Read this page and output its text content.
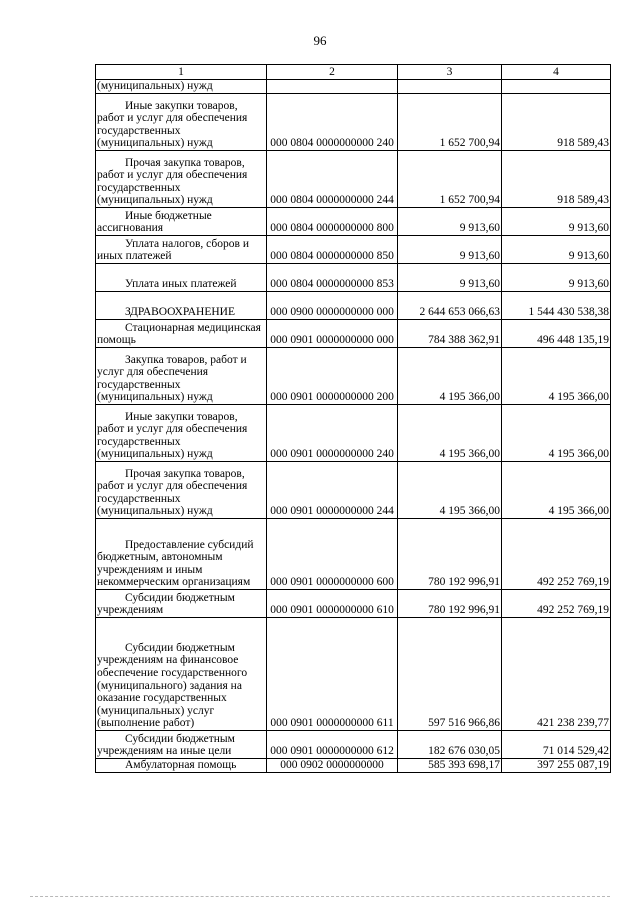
96
1	2	3	4
(муниципальных) нужд			

Иные закупки товаров, работ и услуг для обеспечения государственных (муниципальных) нужд	000 0804 0000000000 240	1 652 700,94	918 589,43

Прочая закупка товаров, работ и услуг для обеспечения государственных (муниципальных) нужд	000 0804 0000000000 244	1 652 700,94	918 589,43

Иные бюджетные ассигнования	000 0804 0000000000 800	9 913,60	9 913,60

Уплата налогов, сборов и иных платежей	000 0804 0000000000 850	9 913,60	9 913,60

Уплата иных платежей	000 0804 0000000000 853	9 913,60	9 913,60

ЗДРАВООХРАНЕНИЕ	000 0900 0000000000 000	2 644 653 066,63	1 544 430 538,38

Стационарная медицинская помощь	000 0901 0000000000 000	784 388 362,91	496 448 135,19

Закупка товаров, работ и услуг для обеспечения государственных (муниципальных) нужд	000 0901 0000000000 200	4 195 366,00	4 195 366,00

Иные закупки товаров, работ и услуг для обеспечения государственных (муниципальных) нужд	000 0901 0000000000 240	4 195 366,00	4 195 366,00

Прочая закупка товаров, работ и услуг для обеспечения государственных (муниципальных) нужд	000 0901 0000000000 244	4 195 366,00	4 195 366,00

Предоставление субсидий бюджетным, автономным учреждениям и иным некоммерческим организациям	000 0901 0000000000 600	780 192 996,91	492 252 769,19

Субсидии бюджетным учреждениям	000 0901 0000000000 610	780 192 996,91	492 252 769,19

Субсидии бюджетным учреждениям на финансовое обеспечение государственного (муниципального) задания на оказание государственных (муниципальных) услуг (выполнение работ)	000 0901 0000000000 611	597 516 966,86	421 238 239,77

Субсидии бюджетным учреждениям на иные цели	000 0901 0000000000 612	182 676 030,05	71 014 529,42

Амбулаторная помощь	000 0902 0000000000	585 393 698,17	397 255 087,19
